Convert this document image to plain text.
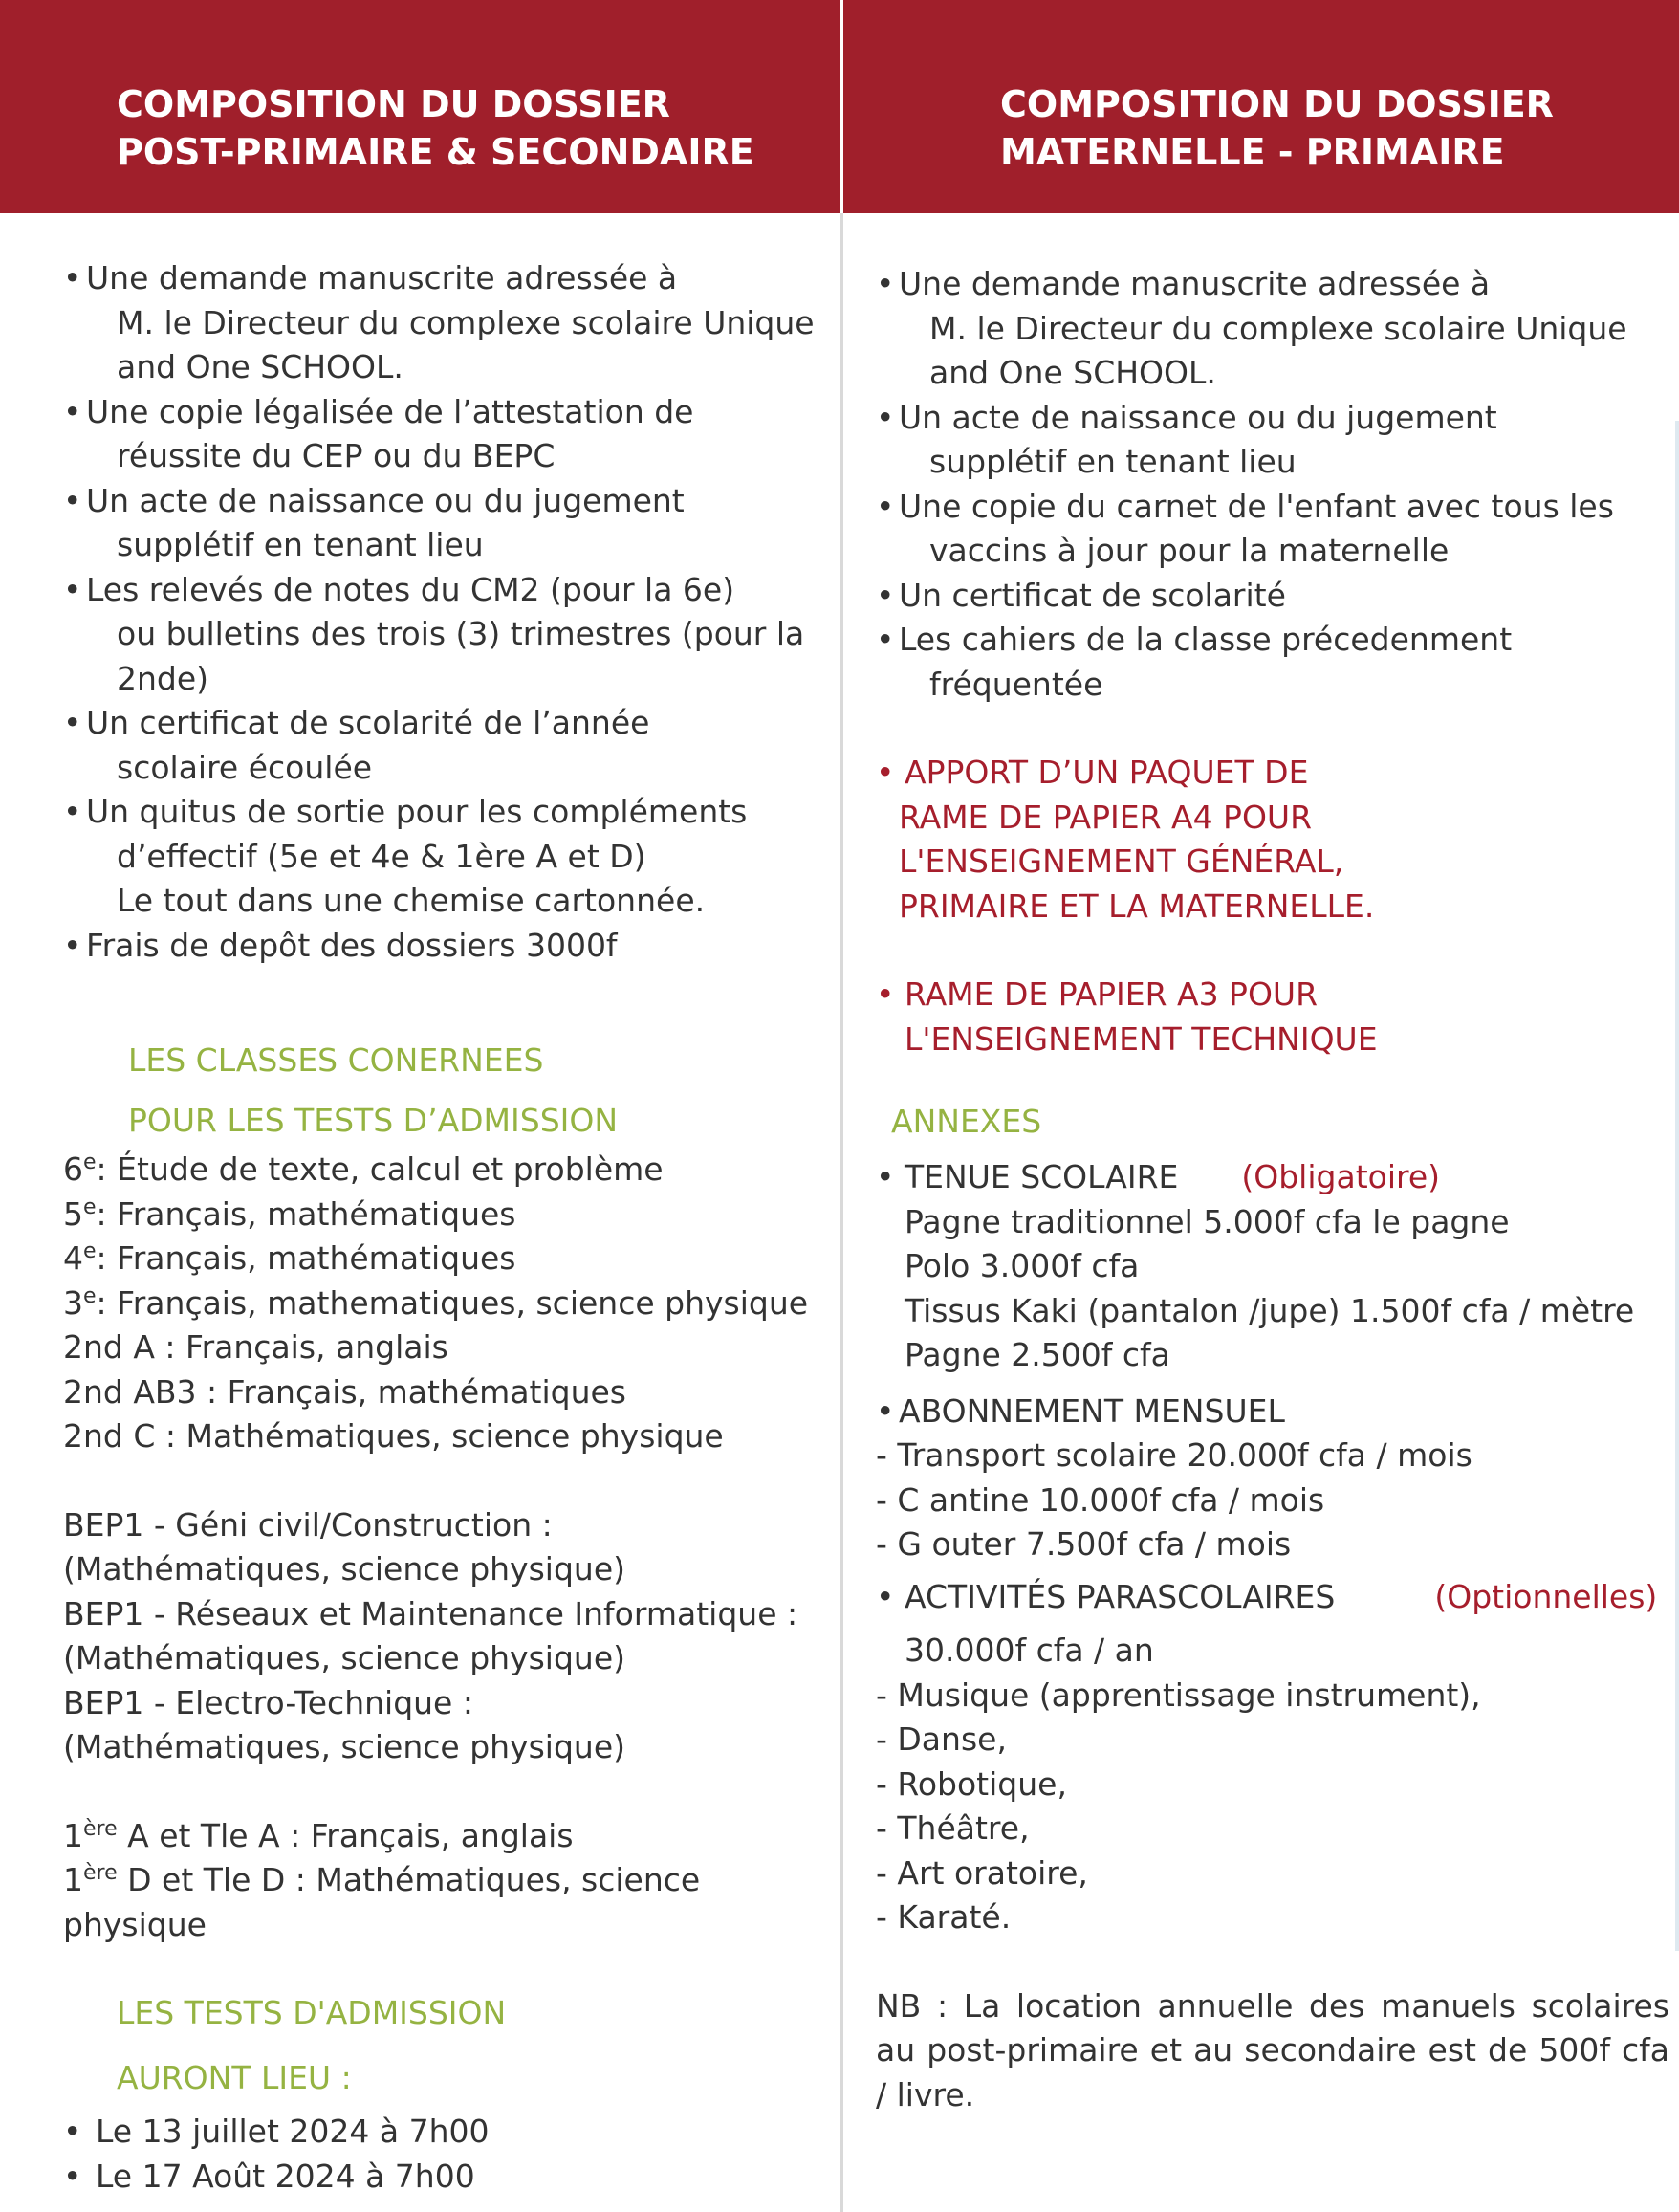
COMPOSITION DU DOSSIER
POST-PRIMAIRE & SECONDAIRE
COMPOSITION DU DOSSIER
MATERNELLE - PRIMAIRE
• Une demande manuscrite adressée à
M. le Directeur du complexe scolaire Unique
and One SCHOOL.
• Une copie légalisée de l’attestation de
réussite du CEP ou du BEPC
• Un acte de naissance ou du jugement
supplétif en tenant lieu
• Les relevés de notes du CM2 (pour la 6e)
ou bulletins des trois (3) trimestres (pour la
2nde)
• Un certificat de scolarité de l’année
scolaire écoulée
• Un quitus de sortie pour les compléments
d’effectif (5e et 4e & 1ère A et D)
Le tout dans une chemise cartonnée.
• Frais de depôt des dossiers 3000f
LES CLASSES CONERNEES
POUR LES TESTS D’ADMISSION
6e: Étude de texte, calcul et problème
5e: Français, mathématiques
4e: Français, mathématiques
3e: Français, mathematiques, science physique
2nd A : Français, anglais
2nd AB3 : Français, mathématiques
2nd C : Mathématiques, science physique
BEP1 - Géni civil/Construction :
(Mathématiques, science physique)
BEP1 - Réseaux et Maintenance Informatique :
(Mathématiques, science physique)
BEP1 - Electro-Technique :
(Mathématiques, science physique)
1ère A et Tle A : Français, anglais
1ère D et Tle D : Mathématiques, science physique
LES TESTS D'ADMISSION
AURONT LIEU :
• Le 13 juillet 2024 à 7h00
• Le 17 Août 2024 à 7h00
• Une demande manuscrite adressée à
M. le Directeur du complexe scolaire Unique
and One SCHOOL.
• Un acte de naissance ou du jugement
supplétif en tenant lieu
• Une copie du carnet de l'enfant avec tous les
vaccins à jour pour la maternelle
• Un certificat de scolarité
• Les cahiers de la classe précedenment
fréquentée
• APPORT D’UN PAQUET DE
RAME DE PAPIER A4 POUR
L'ENSEIGNEMENT GÉNÉRAL,
PRIMAIRE ET LA MATERNELLE.
• RAME DE PAPIER A3 POUR
L'ENSEIGNEMENT TECHNIQUE
ANNEXES
• TENUE SCOLAIRE (Obligatoire)
Pagne traditionnel 5.000f cfa le pagne
Polo 3.000f cfa
Tissus Kaki (pantalon /jupe) 1.500f cfa / mètre
Pagne 2.500f cfa
• ABONNEMENT MENSUEL
- Transport scolaire 20.000f cfa / mois
- C antine 10.000f cfa / mois
- G outer 7.500f cfa / mois
• ACTIVITÉS PARASCOLAIRES	(Optionnelles)
30.000f cfa / an
- Musique (apprentissage instrument),
- Danse,
- Robotique,
- Théâtre,
- Art oratoire,
- Karaté.
NB : La location annuelle des manuels scolaires au post-primaire et au secondaire est de 500f cfa / livre.
